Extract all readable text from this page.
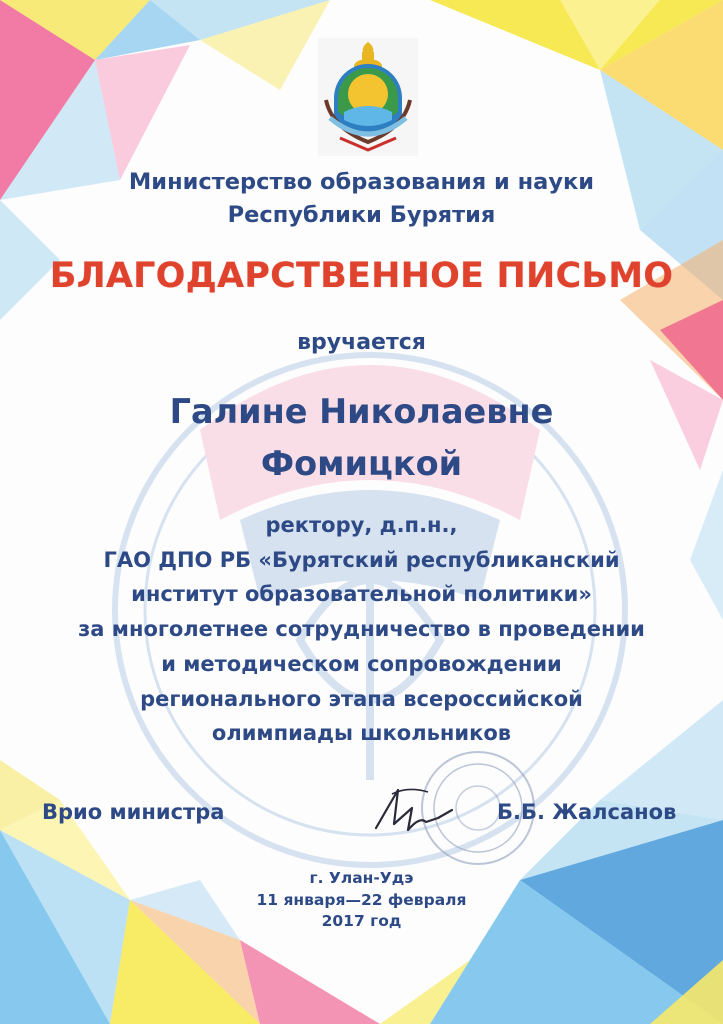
Министерство образования и науки
Республики Бурятия
БЛАГОДАРСТВЕННОЕ ПИСЬМО
вручается
Галине Николаевне
Фомицкой
ректору, д.п.н.,
ГАО ДПО РБ «Бурятский республиканский
институт образовательной политики»
за многолетнее сотрудничество в проведении
и методическом сопровождении
регионального этапа всероссийской
олимпиады школьников
Врио министра	Б.Б. Жалсанов
г. Улан-Удэ
11 января—22 февраля
2017 год
